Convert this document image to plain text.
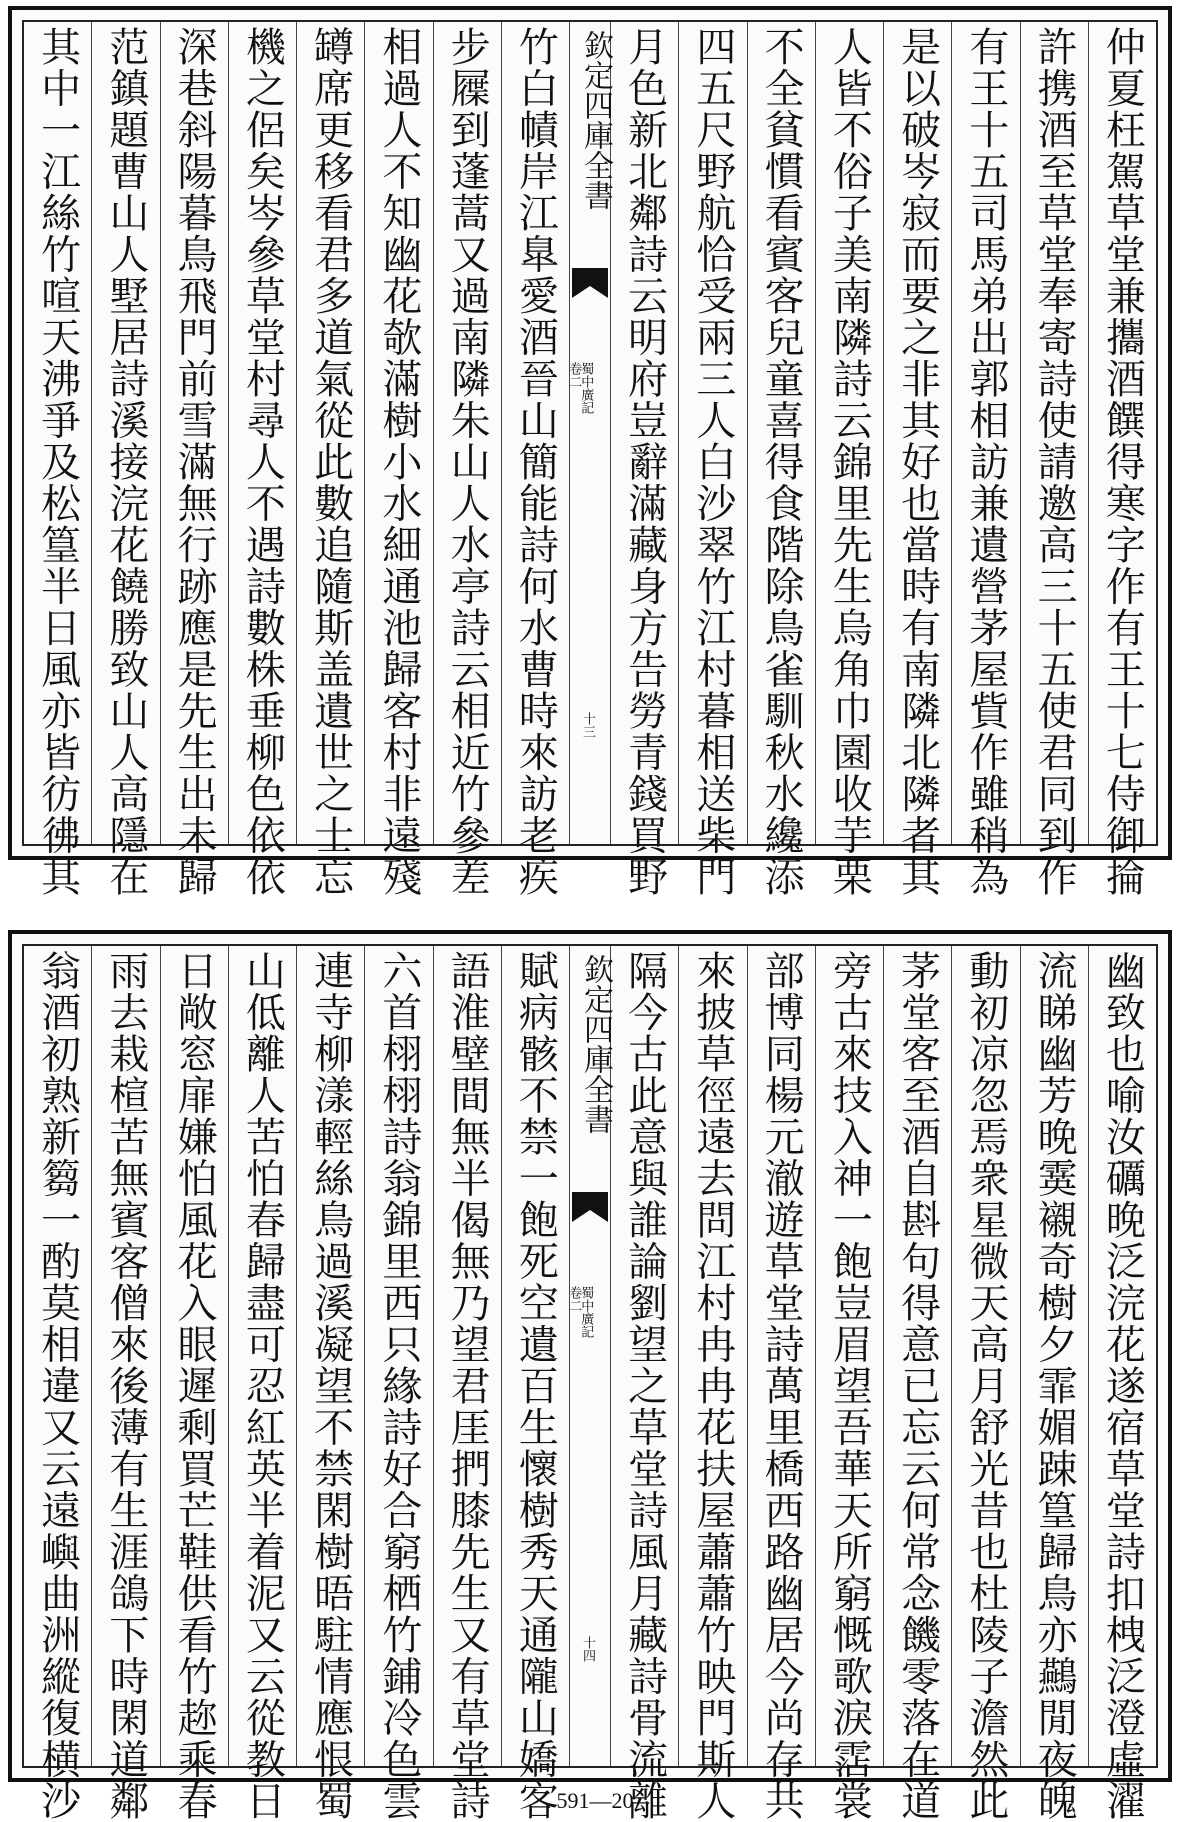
仲夏枉駕草堂兼攜酒饌得寒字作有王十七侍御掄
許携酒至草堂奉寄詩使請邀高三十五使君同到作
有王十五司馬弟出郭相訪兼遺營茅屋貲作雖稍為
是以破岑寂而要之非其好也當時有南隣北隣者其
人皆不俗子美南隣詩云錦里先生烏角巾園收芋栗
不全貧慣看賓客兒童喜得食階除鳥雀馴秋水纔添
四五尺野航恰受兩三人白沙翠竹江村暮相送柴門
月色新北鄰詩云明府豈辭滿藏身方告勞青錢買野
欽定四庫全書
蜀中廣記
卷二
十三
竹白幘岸江臯愛酒晉山簡能詩何水曹時來訪老疾
步屧到蓬蒿又過南隣朱山人水亭詩云相近竹參差
相過人不知幽花欹滿樹小水細通池歸客村非遠殘
罇席更移看君多道氣從此數追隨斯盖遺世之士忘
機之侶矣岑參草堂村尋人不遇詩數株垂柳色依依
深巷斜陽暮鳥飛門前雪滿無行跡應是先生出未歸
范鎮題曹山人墅居詩溪接浣花饒勝致山人高隱在
其中一江絲竹喧天沸爭及松篁半日風亦皆彷彿其
幽致也喻汝礪晚泛浣花遂宿草堂詩扣栧泛澄虛濯
流睇幽芳晚霙襯奇樹夕霏媚踈篁歸鳥亦䴏閒夜魄
動初凉忽焉衆星微天高月舒光昔也杜陵子澹然此
茅堂客至酒自斟句得意已忘云何常念饑零落在道
旁古來技入神一飽豈眉望吾華天所窮慨歌淚霑裳
部博同楊元澈遊草堂詩萬里橋西路幽居今尚存共
來披草徑遠去問江村冉冉花扶屋蕭蕭竹映門斯人
隔今古此意與誰論劉望之草堂詩風月藏詩骨流離
欽定四庫全書
蜀中廣記
卷二
十四
賦病骸不禁一飽死空遺百生懷樹秀天通隴山嬌客
語淮壁間無半偈無乃望君厓捫膝先生又有草堂詩
六首栩栩詩翁錦里西只緣詩好合窮栖竹鋪冷色雲
連寺柳漾輕絲鳥過溪凝望不禁閑樹晤駐情應恨蜀
山低離人苦怕春歸盡可忍紅英半着泥又云從教日
日敞窓扉嫌怕風花入眼遲剩買芒鞋供看竹趂乘春
雨去栽楦苦無賓客僧來後薄有生涯鴿下時閑道鄰
翁酒初熟新篘一酌莫相違又云遠嶼曲洲縱復横沙	591—20
